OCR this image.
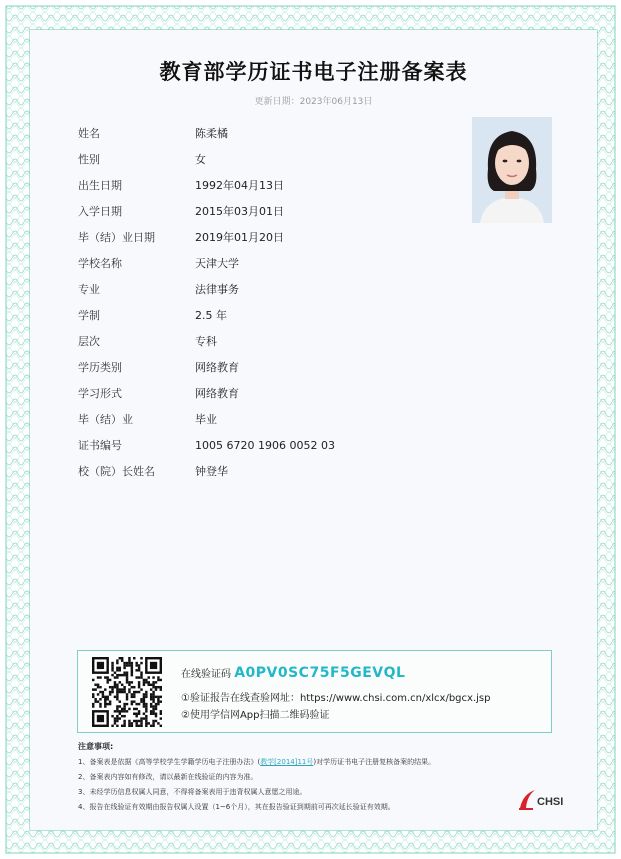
教育部学历证书电子注册备案表
更新日期：2023年06月13日
姓名	陈柔橘
性别	女
出生日期	1992年04月13日
入学日期	2015年03月01日
毕（结）业日期	2019年01月20日
学校名称	天津大学
专业	法律事务
学制	2.5 年
层次	专科
学历类别	网络教育
学习形式	网络教育
毕（结）业	毕业
证书编号	1005 6720 1906 0052 03
校（院）长姓名	钟登华
在线验证码 A0PV0SC75F5GEVQL
①验证报告在线查验网址：https://www.chsi.com.cn/xlcx/bgcx.jsp
②使用学信网App扫描二维码验证
注意事项:
1、备案表是依据《高等学校学生学籍学历电子注册办法》(教学[2014]11号)对学历证书电子注册复核备案的结果。
2、备案表内容如有修改，请以最新在线验证的内容为准。
3、未经学历信息权属人同意，不得将备案表用于违背权属人意愿之用途。
4、报告在线验证有效期由报告权属人设置（1~6个月），其在报告验证到期前可再次延长验证有效期。	CHSI
